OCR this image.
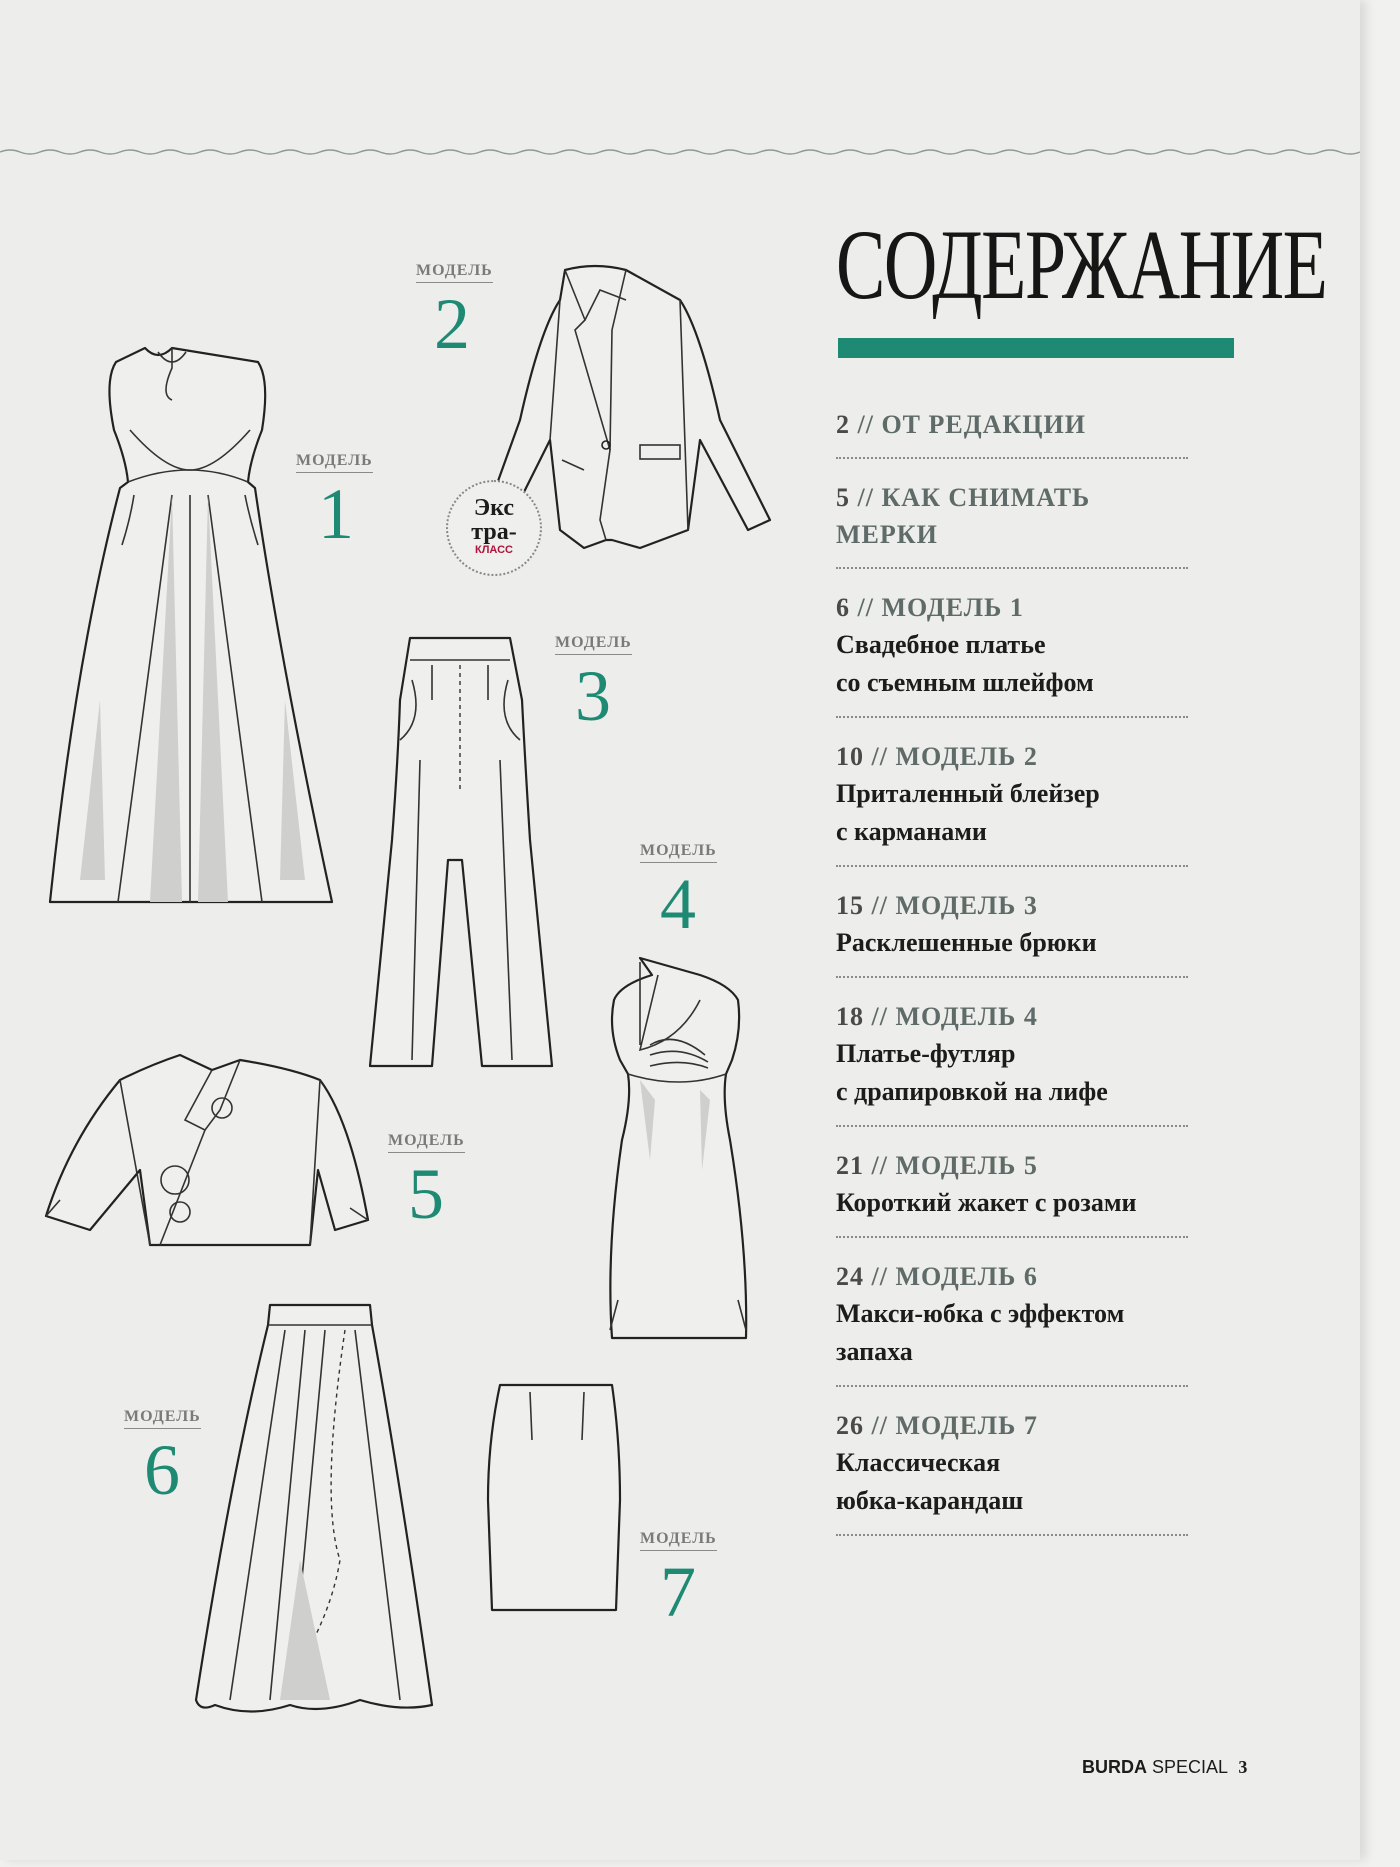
МОДЕЛЬ
2
МОДЕЛЬ
1
МОДЕЛЬ
3
МОДЕЛЬ
4
МОДЕЛЬ
5
МОДЕЛЬ
6
МОДЕЛЬ
7
Экс
тра-
КЛАСС
СОДЕРЖАНИЕ
2 // ОТ РЕДАКЦИИ
5 // КАК СНИМАТЬ МЕРКИ
6 // МОДЕЛЬ 1
Свадебное платье
со съемным шлейфом
10 // МОДЕЛЬ 2
Приталенный блейзер
с карманами
15 // МОДЕЛЬ 3
Расклешенные брюки
18 // МОДЕЛЬ 4
Платье-футляр
с драпировкой на лифе
21 // МОДЕЛЬ 5
Короткий жакет с розами
24 // МОДЕЛЬ 6
Макси-юбка с эффектом
запаха
26 // МОДЕЛЬ 7
Классическая
юбка-карандаш
BURDA SPECIAL 3
